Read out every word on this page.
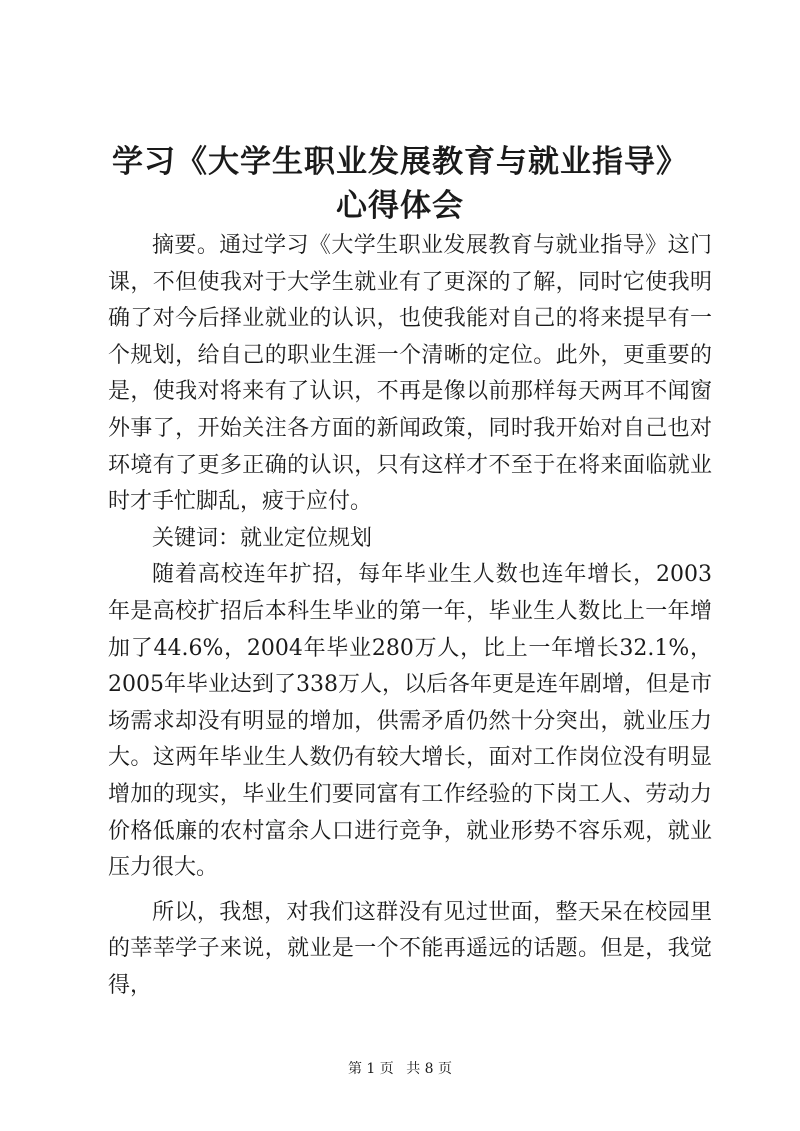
学习《大学生职业发展教育与就业指导》心得体会

摘要。通过学习《大学生职业发展教育与就业指导》这门课，不但使我对于大学生就业有了更深的了解，同时它使我明确了对今后择业就业的认识，也使我能对自己的将来提早有一个规划，给自己的职业生涯一个清晰的定位。此外，更重要的是，使我对将来有了认识，不再是像以前那样每天两耳不闻窗外事了，开始关注各方面的新闻政策，同时我开始对自己也对环境有了更多正确的认识，只有这样才不至于在将来面临就业时才手忙脚乱，疲于应付。

关键词：就业定位规划

随着高校连年扩招，每年毕业生人数也连年增长，2003年是高校扩招后本科生毕业的第一年，毕业生人数比上一年增加了44.6%，2004年毕业280万人，比上一年增长32.1%，2005年毕业达到了338万人，以后各年更是连年剧增，但是市场需求却没有明显的增加，供需矛盾仍然十分突出，就业压力大。这两年毕业生人数仍有较大增长，面对工作岗位没有明显增加的现实，毕业生们要同富有工作经验的下岗工人、劳动力价格低廉的农村富余人口进行竞争，就业形势不容乐观，就业压力很大。

所以，我想，对我们这群没有见过世面，整天呆在校园里的莘莘学子来说，就业是一个不能再遥远的话题。但是，我觉得，

第 1 页 共 8 页
